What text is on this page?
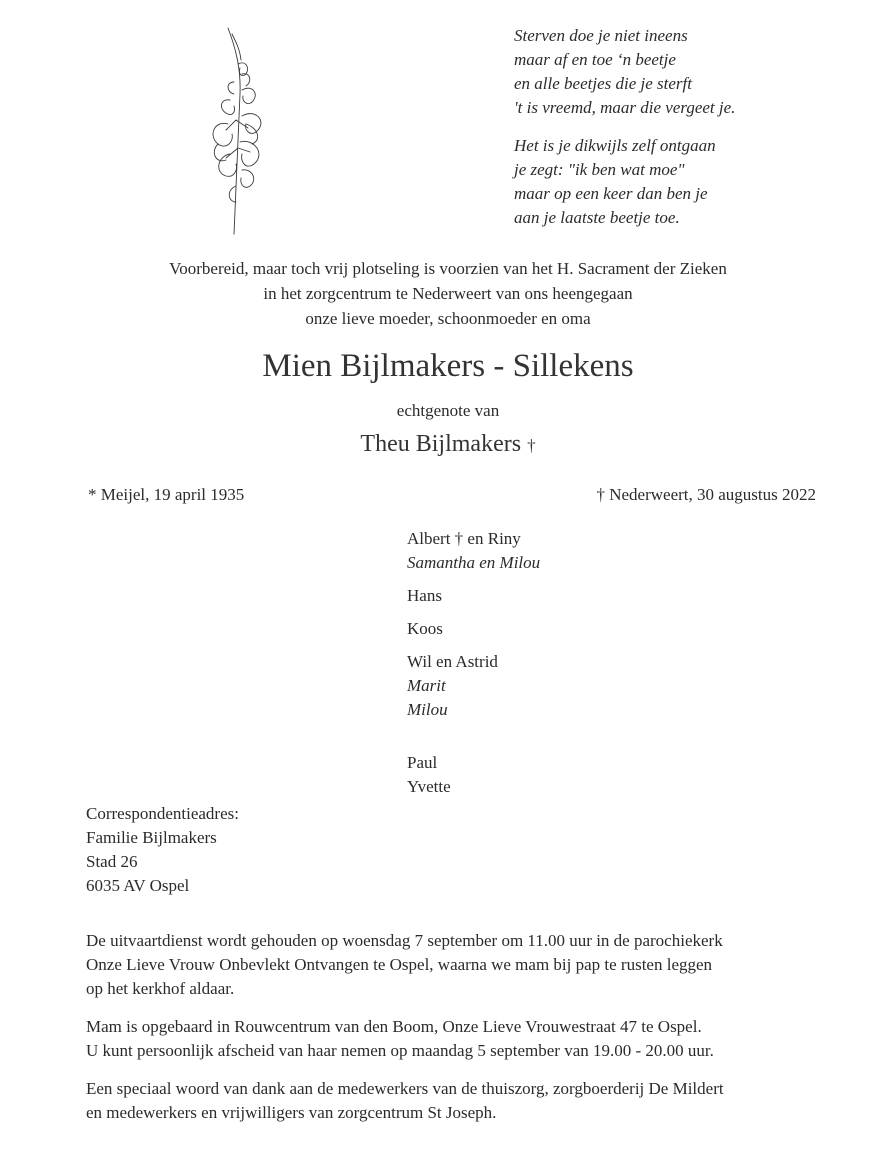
Sterven doe je niet ineens
maar af en toe ‘n beetje
en alle beetjes die je sterft
't is vreemd, maar die vergeet je.
Het is je dikwijls zelf ontgaan
je zegt: "ik ben wat moe"
maar op een keer dan ben je
aan je laatste beetje toe.
Voorbereid, maar toch vrij plotseling is voorzien van het H. Sacrament der Zieken
in het zorgcentrum te Nederweert van ons heengegaan
onze lieve moeder, schoonmoeder en oma
Mien Bijlmakers - Sillekens
echtgenote van
Theu Bijlmakers †
* Meijel, 19 april 1935	† Nederweert, 30 augustus 2022
Albert † en Riny
Samantha en Milou
Hans
Koos
Wil en Astrid
Marit
Milou
Paul
Yvette
Correspondentieadres:
Familie Bijlmakers
Stad 26
6035 AV Ospel
De uitvaartdienst wordt gehouden op woensdag 7 september om 11.00 uur in de parochiekerk
Onze Lieve Vrouw Onbevlekt Ontvangen te Ospel, waarna we mam bij pap te rusten leggen
op het kerkhof aldaar.
Mam is opgebaard in Rouwcentrum van den Boom, Onze Lieve Vrouwestraat 47 te Ospel.
U kunt persoonlijk afscheid van haar nemen op maandag 5 september van 19.00 - 20.00 uur.
Een speciaal woord van dank aan de medewerkers van de thuiszorg, zorgboerderij De Mildert
en medewerkers en vrijwilligers van zorgcentrum St Joseph.
